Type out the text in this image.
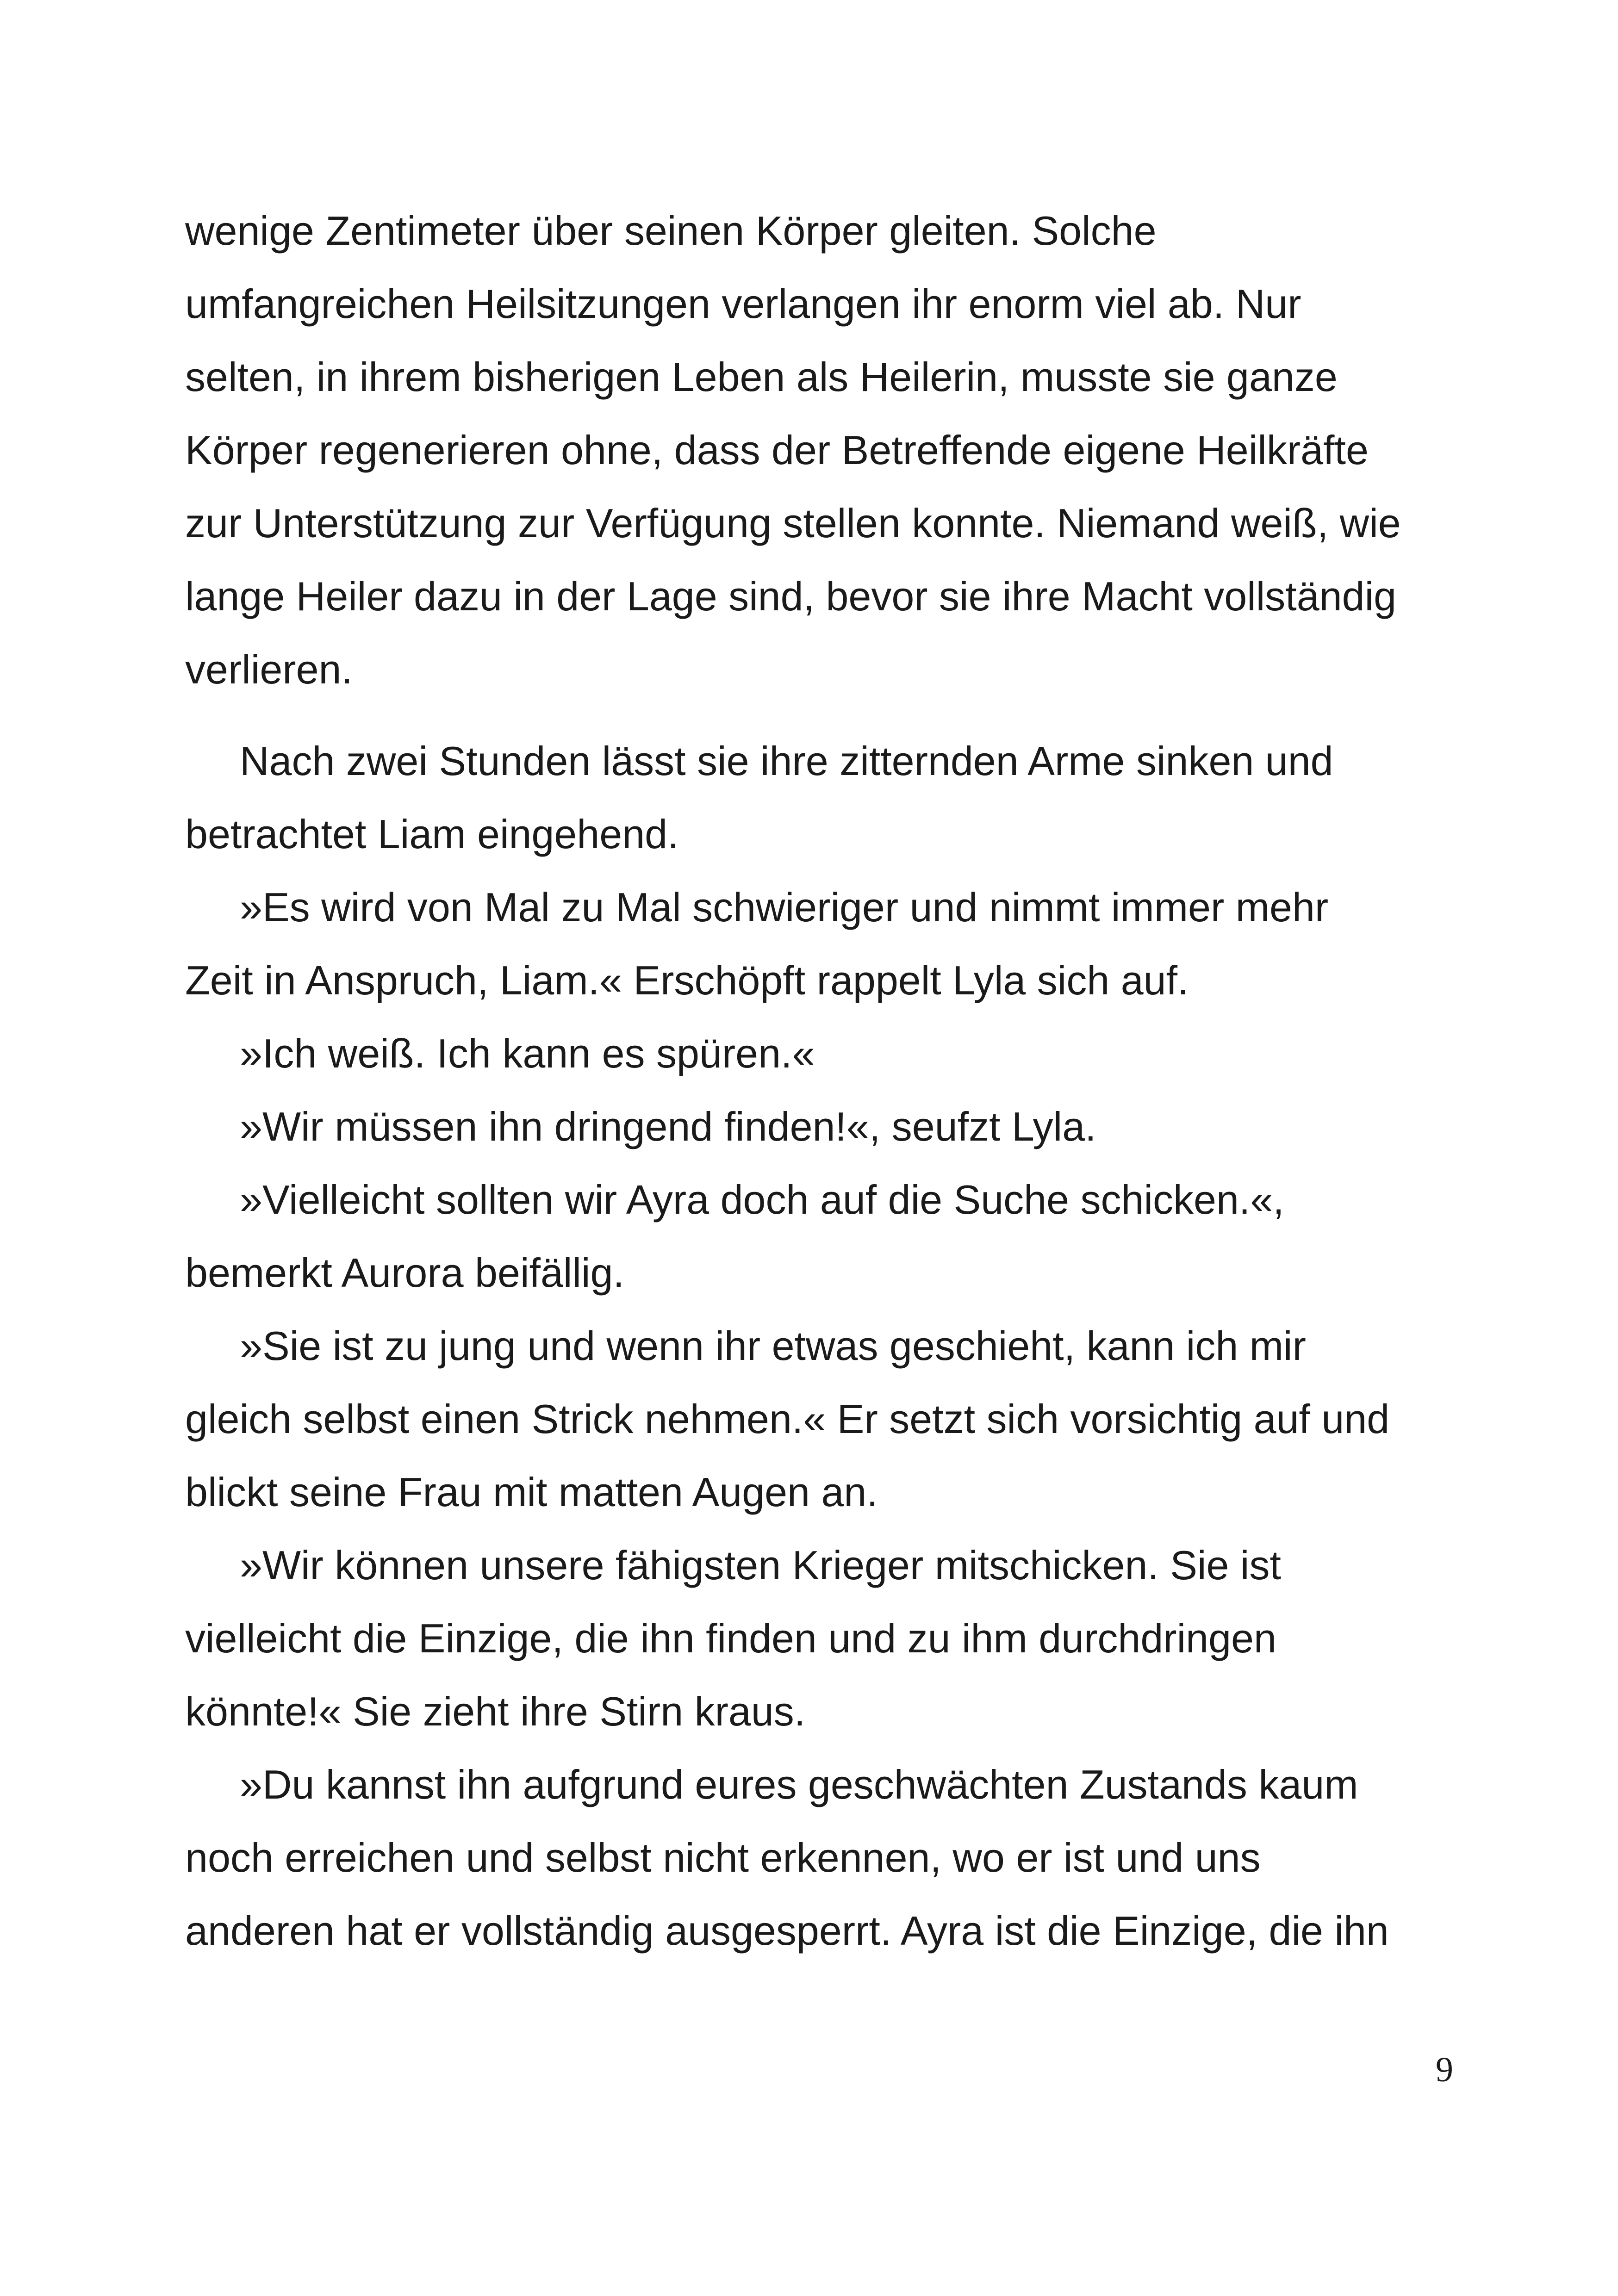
wenige Zentimeter über seinen Körper gleiten. Solche
umfangreichen Heilsitzungen verlangen ihr enorm viel ab. Nur
selten, in ihrem bisherigen Leben als Heilerin, musste sie ganze
Körper regenerieren ohne, dass der Betreffende eigene Heilkräfte
zur Unterstützung zur Verfügung stellen konnte. Niemand weiß, wie
lange Heiler dazu in der Lage sind, bevor sie ihre Macht vollständig
verlieren.
Nach zwei Stunden lässt sie ihre zitternden Arme sinken und
betrachtet Liam eingehend.
»Es wird von Mal zu Mal schwieriger und nimmt immer mehr
Zeit in Anspruch, Liam.« Erschöpft rappelt Lyla sich auf.
»Ich weiß. Ich kann es spüren.«
»Wir müssen ihn dringend finden!«, seufzt Lyla.
»Vielleicht sollten wir Ayra doch auf die Suche schicken.«,
bemerkt Aurora beifällig.
»Sie ist zu jung und wenn ihr etwas geschieht, kann ich mir
gleich selbst einen Strick nehmen.« Er setzt sich vorsichtig auf und
blickt seine Frau mit matten Augen an.
»Wir können unsere fähigsten Krieger mitschicken. Sie ist
vielleicht die Einzige, die ihn finden und zu ihm durchdringen
könnte!« Sie zieht ihre Stirn kraus.
»Du kannst ihn aufgrund eures geschwächten Zustands kaum
noch erreichen und selbst nicht erkennen, wo er ist und uns
anderen hat er vollständig ausgesperrt. Ayra ist die Einzige, die ihn
9
